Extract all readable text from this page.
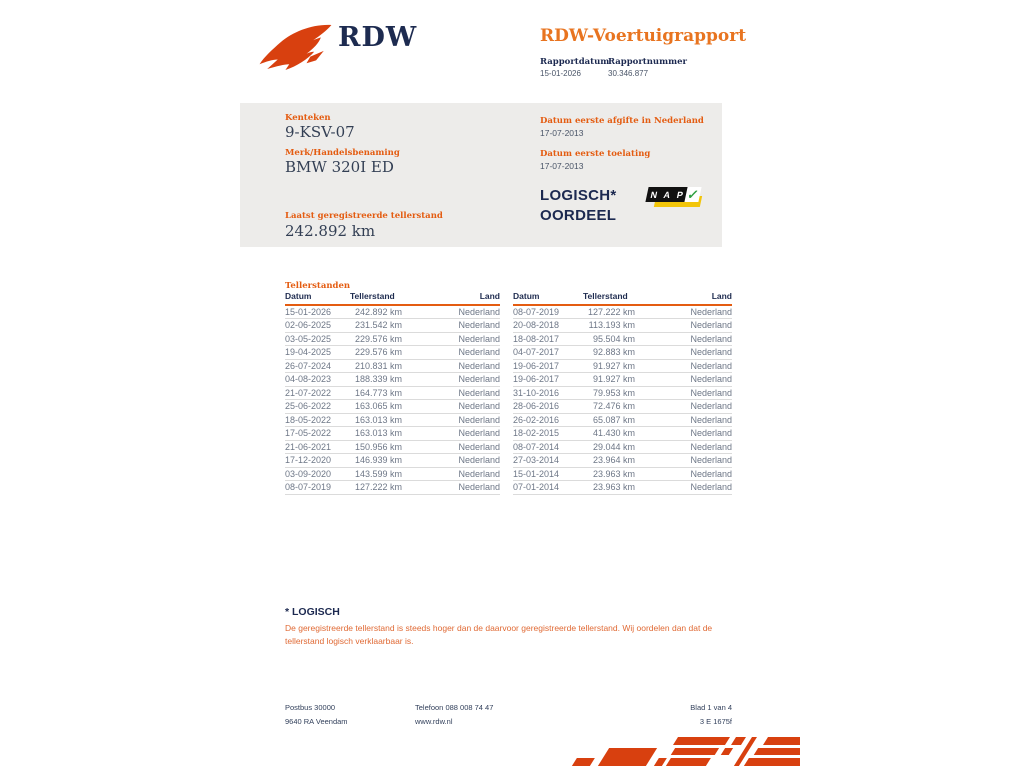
RDW	RDW-Voertuigrapport
Rapportdatum
Rapportnummer
15-01-2026	30.346.877
Kenteken
9-KSV-07
Merk/Handelsbenaming
BMW 320I ED
Laatst geregistreerde tellerstand
242.892 km
Datum eerste afgifte in Nederland
17-07-2013
Datum eerste toelating
17-07-2013
LOGISCH*
OORDEEL
N A P ✓
Tellerstanden
Datum	Tellerstand	Land
15-01-2026	242.892 km	Nederland
02-06-2025	231.542 km	Nederland
03-05-2025	229.576 km	Nederland
19-04-2025	229.576 km	Nederland
26-07-2024	210.831 km	Nederland
04-08-2023	188.339 km	Nederland
21-07-2022	164.773 km	Nederland
25-06-2022	163.065 km	Nederland
18-05-2022	163.013 km	Nederland
17-05-2022	163.013 km	Nederland
21-06-2021	150.956 km	Nederland
17-12-2020	146.939 km	Nederland
03-09-2020	143.599 km	Nederland
08-07-2019	127.222 km	Nederland
Datum	Tellerstand	Land
08-07-2019	127.222 km	Nederland
20-08-2018	113.193 km	Nederland
18-08-2017	95.504 km	Nederland
04-07-2017	92.883 km	Nederland
19-06-2017	91.927 km	Nederland
19-06-2017	91.927 km	Nederland
31-10-2016	79.953 km	Nederland
28-06-2016	72.476 km	Nederland
26-02-2016	65.087 km	Nederland
18-02-2015	41.430 km	Nederland
08-07-2014	29.044 km	Nederland
27-03-2014	23.964 km	Nederland
15-01-2014	23.963 km	Nederland
07-01-2014	23.963 km	Nederland
* LOGISCH
De geregistreerde tellerstand is steeds hoger dan de daarvoor geregistreerde tellerstand. Wij oordelen dan dat de tellerstand logisch verklaarbaar is.
Postbus 30000
9640 RA Veendam
Telefoon 088 008 74 47
www.rdw.nl
Blad 1 van 4
3 E 1675f
